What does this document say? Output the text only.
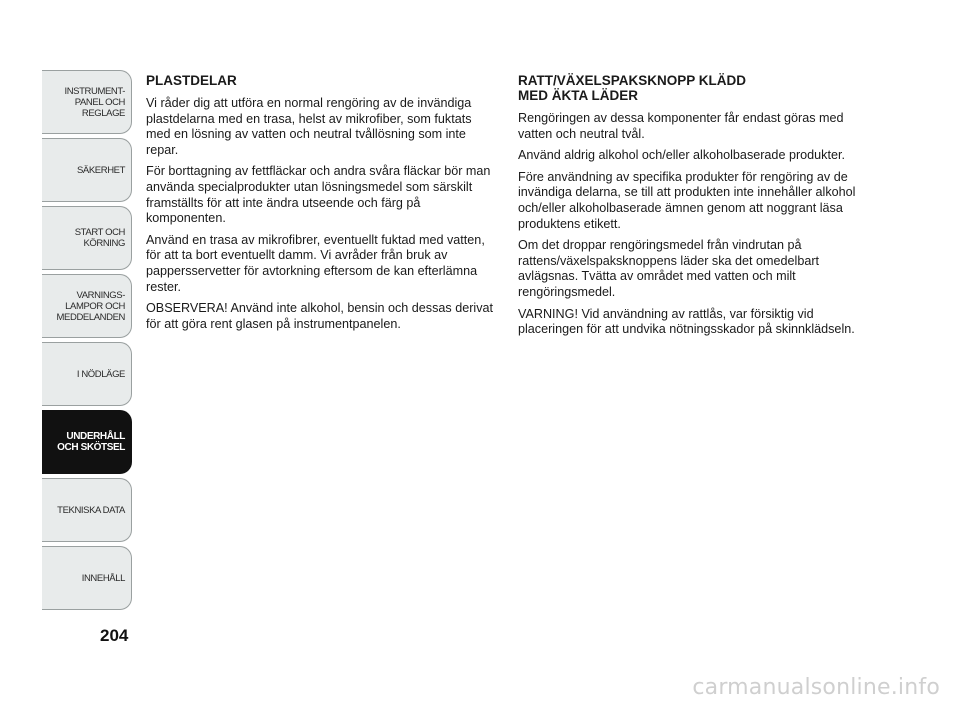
INSTRUMENT-
PANEL OCH
REGLAGE
SÄKERHET
START OCH
KÖRNING
VARNINGS-
LAMPOR OCH
MEDDELANDEN
I NÖDLÄGE
UNDERHÅLL
OCH SKÖTSEL
TEKNISKA DATA
INNEHÅLL
204
PLASTDELAR

Vi råder dig att utföra en normal rengöring av de invändiga plastdelarna med en trasa, helst av mikrofiber, som fuktats med en lösning av vatten och neutral tvållösning som inte repar.

För borttagning av fettfläckar och andra svåra fläckar bör man använda specialprodukter utan lösningsmedel som särskilt framställts för att inte ändra utseende och färg på komponenten.

Använd en trasa av mikrofibrer, eventuellt fuktad med vatten, för att ta bort eventuellt damm. Vi avråder från bruk av pappersservetter för avtorkning eftersom de kan efterlämna rester.

OBSERVERA! Använd inte alkohol, bensin och dessas derivat för att göra rent glasen på instrumentpanelen.

RATT/VÄXELSPAKSKNOPP KLÄDD
MED ÄKTA LÄDER

Rengöringen av dessa komponenter får endast göras med vatten och neutral tvål.

Använd aldrig alkohol och/eller alkoholbaserade produkter.

Före användning av specifika produkter för rengöring av de invändiga delarna, se till att produkten inte innehåller alkohol och/eller alkoholbaserade ämnen genom att noggrant läsa produktens etikett.

Om det droppar rengöringsmedel från vindrutan på rattens/växelspaksknoppens läder ska det omedelbart avlägsnas. Tvätta av området med vatten och milt rengöringsmedel.

VARNING! Vid användning av rattlås, var försiktig vid placeringen för att undvika nötningsskador på skinnklädseln.

carmanualsonline.info
